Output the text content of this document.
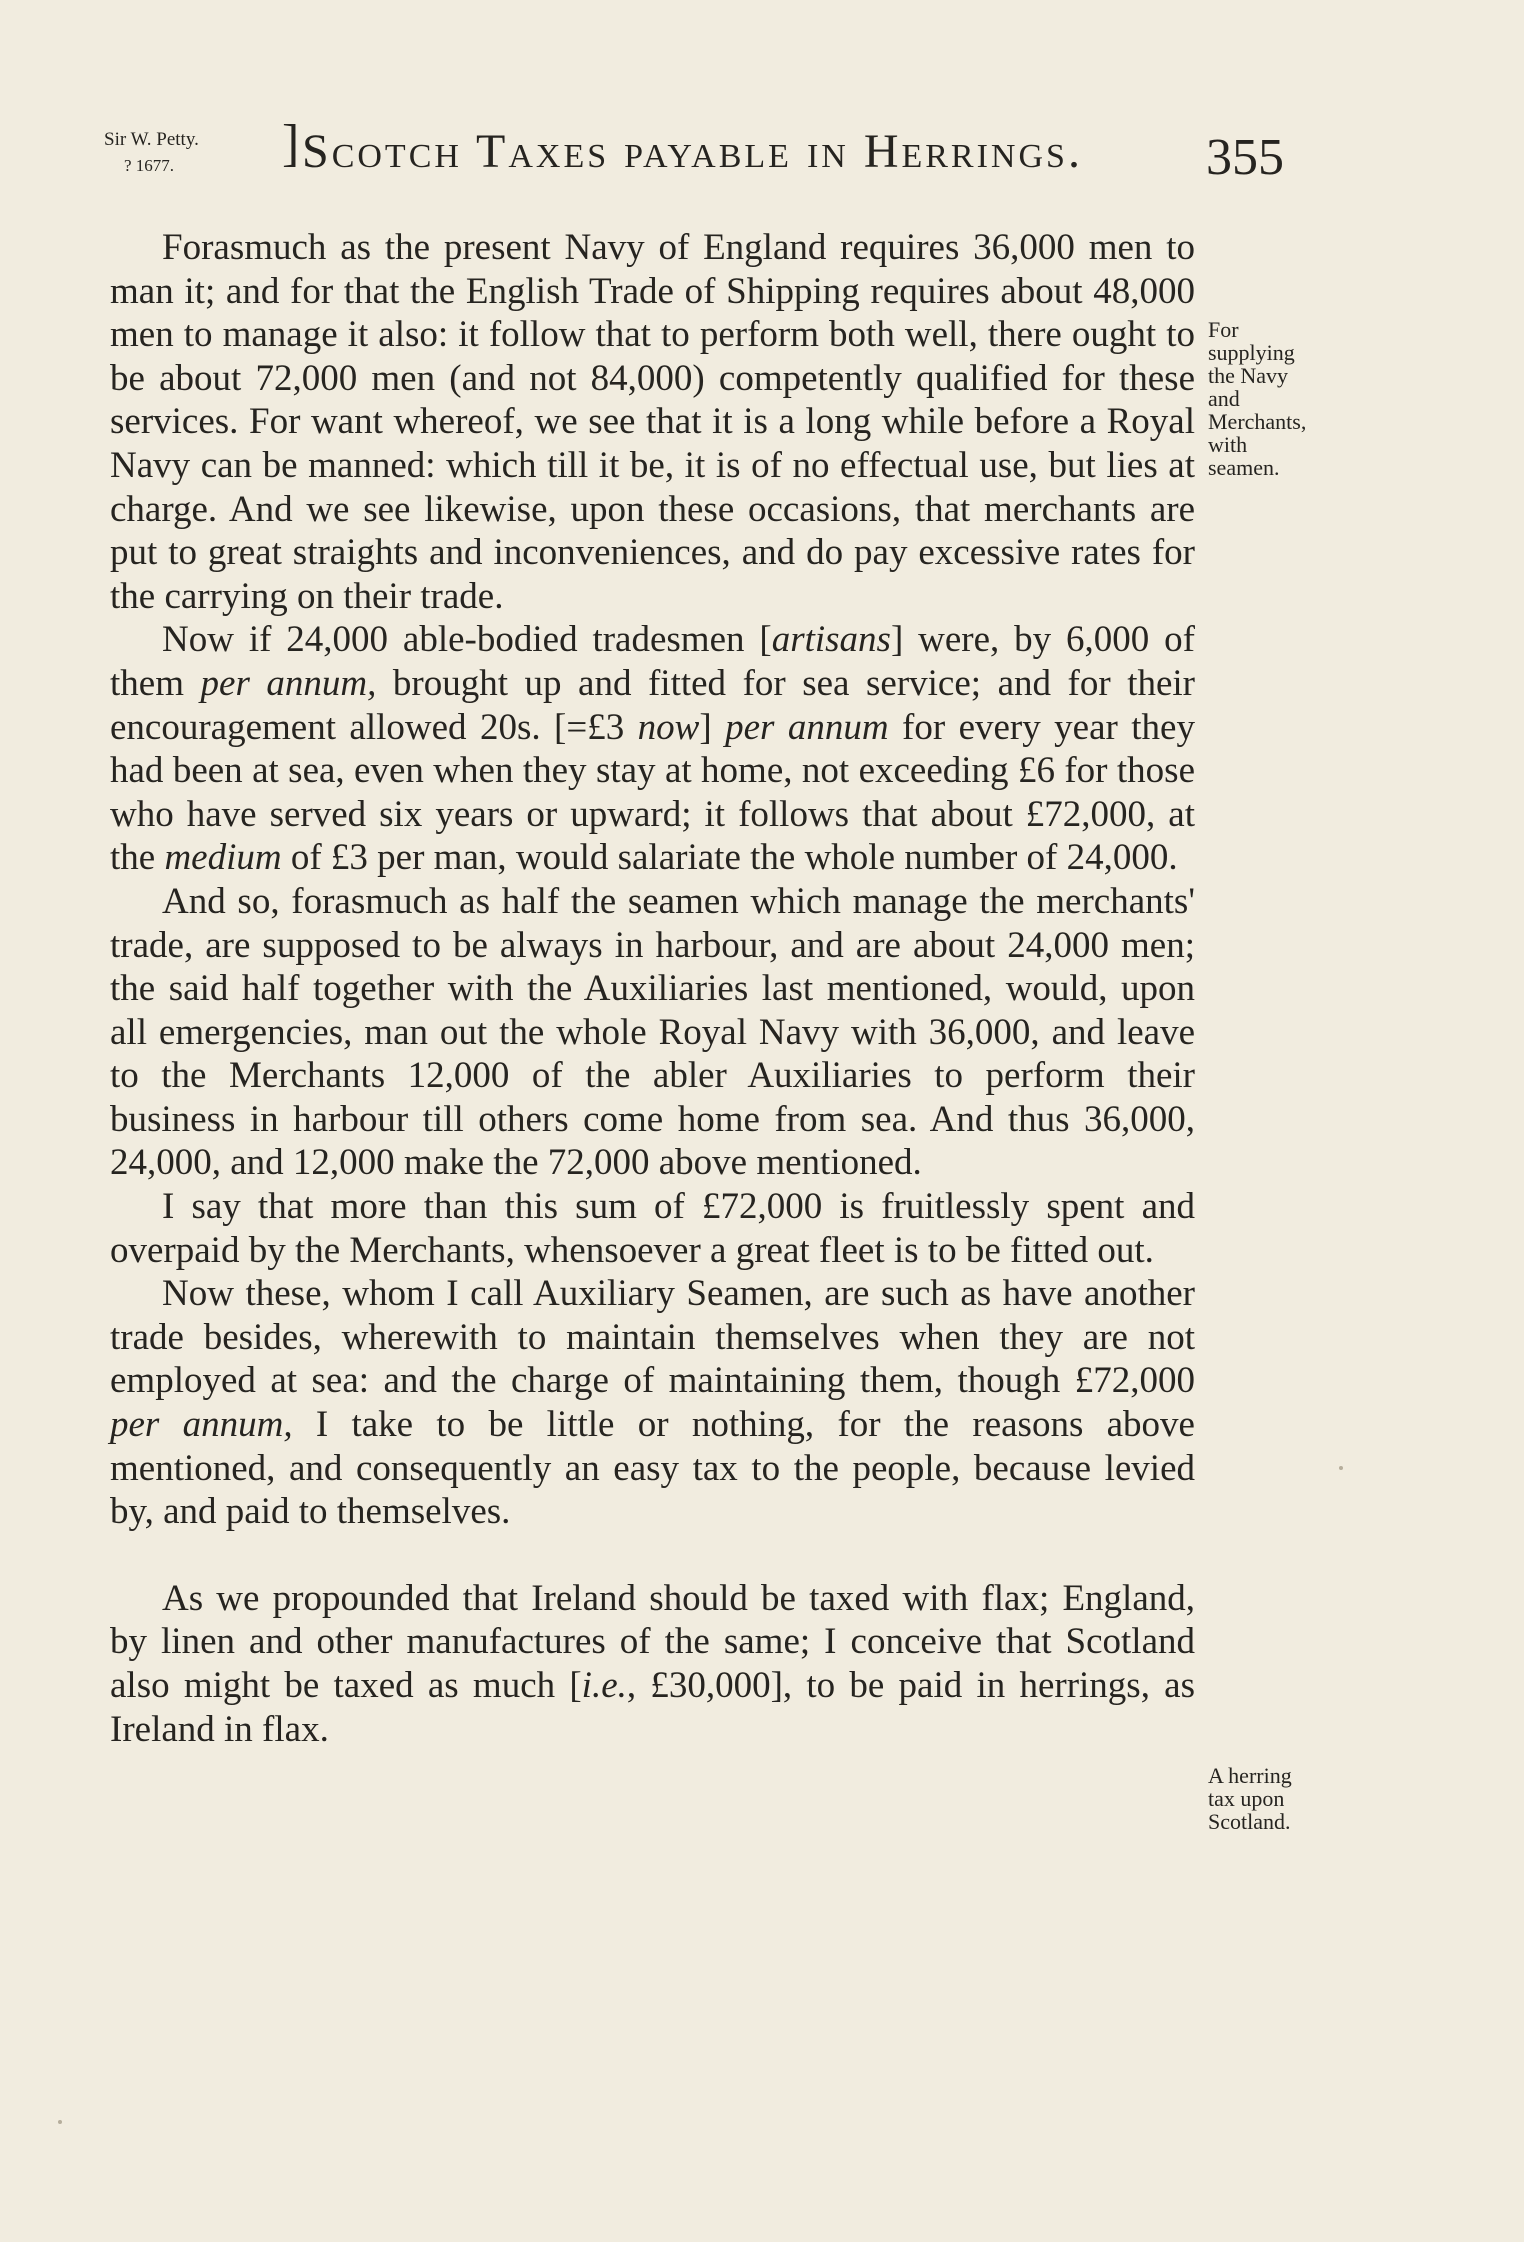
Sir W. Petty.
? 1677. ] Scotch Taxes payable in Herrings. 355

Forasmuch as the present Navy of England requires 36,000 men to man it; and for that the English Trade of Shipping requires about 48,000 men to manage it also: it follow that to perform both well, there ought to be about 72,000 men (and not 84,000) competently qualified for these services. For want whereof, we see that it is a long while before a Royal Navy can be manned: which till it be, it is of no effectual use, but lies at charge. And we see likewise, upon these occasions, that merchants are put to great straights and inconveniences, and do pay excessive rates for the carrying on their trade.

Now if 24,000 able-bodied tradesmen [artisans] were, by 6,000 of them per annum, brought up and fitted for sea service; and for their encouragement allowed 20s. [=£3 now] per annum for every year they had been at sea, even when they stay at home, not exceeding £6 for those who have served six years or upward; it follows that about £72,000, at the medium of £3 per man, would salariate the whole number of 24,000.

And so, forasmuch as half the seamen which manage the merchants' trade, are supposed to be always in harbour, and are about 24,000 men; the said half together with the Auxiliaries last mentioned, would, upon all emergencies, man out the whole Royal Navy with 36,000, and leave to the Merchants 12,000 of the abler Auxiliaries to perform their business in harbour till others come home from sea. And thus 36,000, 24,000, and 12,000 make the 72,000 above mentioned.

I say that more than this sum of £72,000 is fruitlessly spent and overpaid by the Merchants, whensoever a great fleet is to be fitted out.

Now these, whom I call Auxiliary Seamen, are such as have another trade besides, wherewith to maintain themselves when they are not employed at sea: and the charge of maintaining them, though £72,000 per annum, I take to be little or nothing, for the reasons above mentioned, and consequently an easy tax to the people, because levied by, and paid to themselves.

As we propounded that Ireland should be taxed with flax; England, by linen and other manufactures of the same; I conceive that Scotland also might be taxed as much [i.e., £30,000], to be paid in herrings, as Ireland in flax.

For supplying the Navy and Merchants, with seamen.
A herring tax upon Scotland.
